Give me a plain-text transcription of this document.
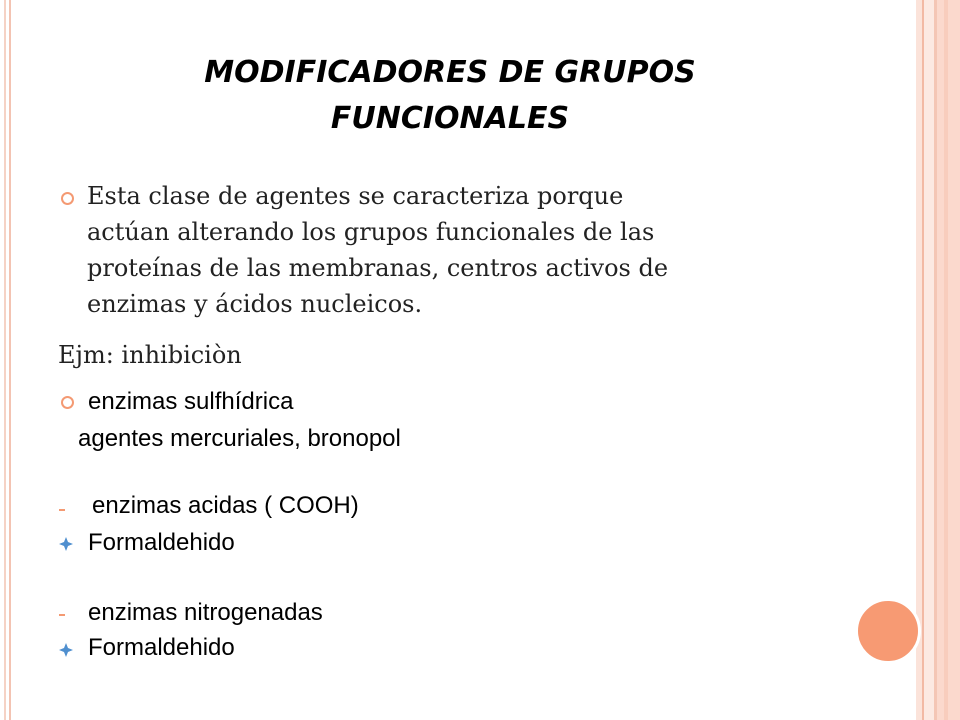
MODIFICADORES DE GRUPOS
FUNCIONALES
Esta clase de agentes se caracteriza porque
actúan alterando los grupos funcionales de las
proteínas de las membranas, centros activos de
enzimas y ácidos nucleicos.
Ejm: inhibiciòn
enzimas sulfhídrica
agentes mercuriales, bronopol
enzimas acidas ( COOH)
Formaldehido
enzimas nitrogenadas
Formaldehido
